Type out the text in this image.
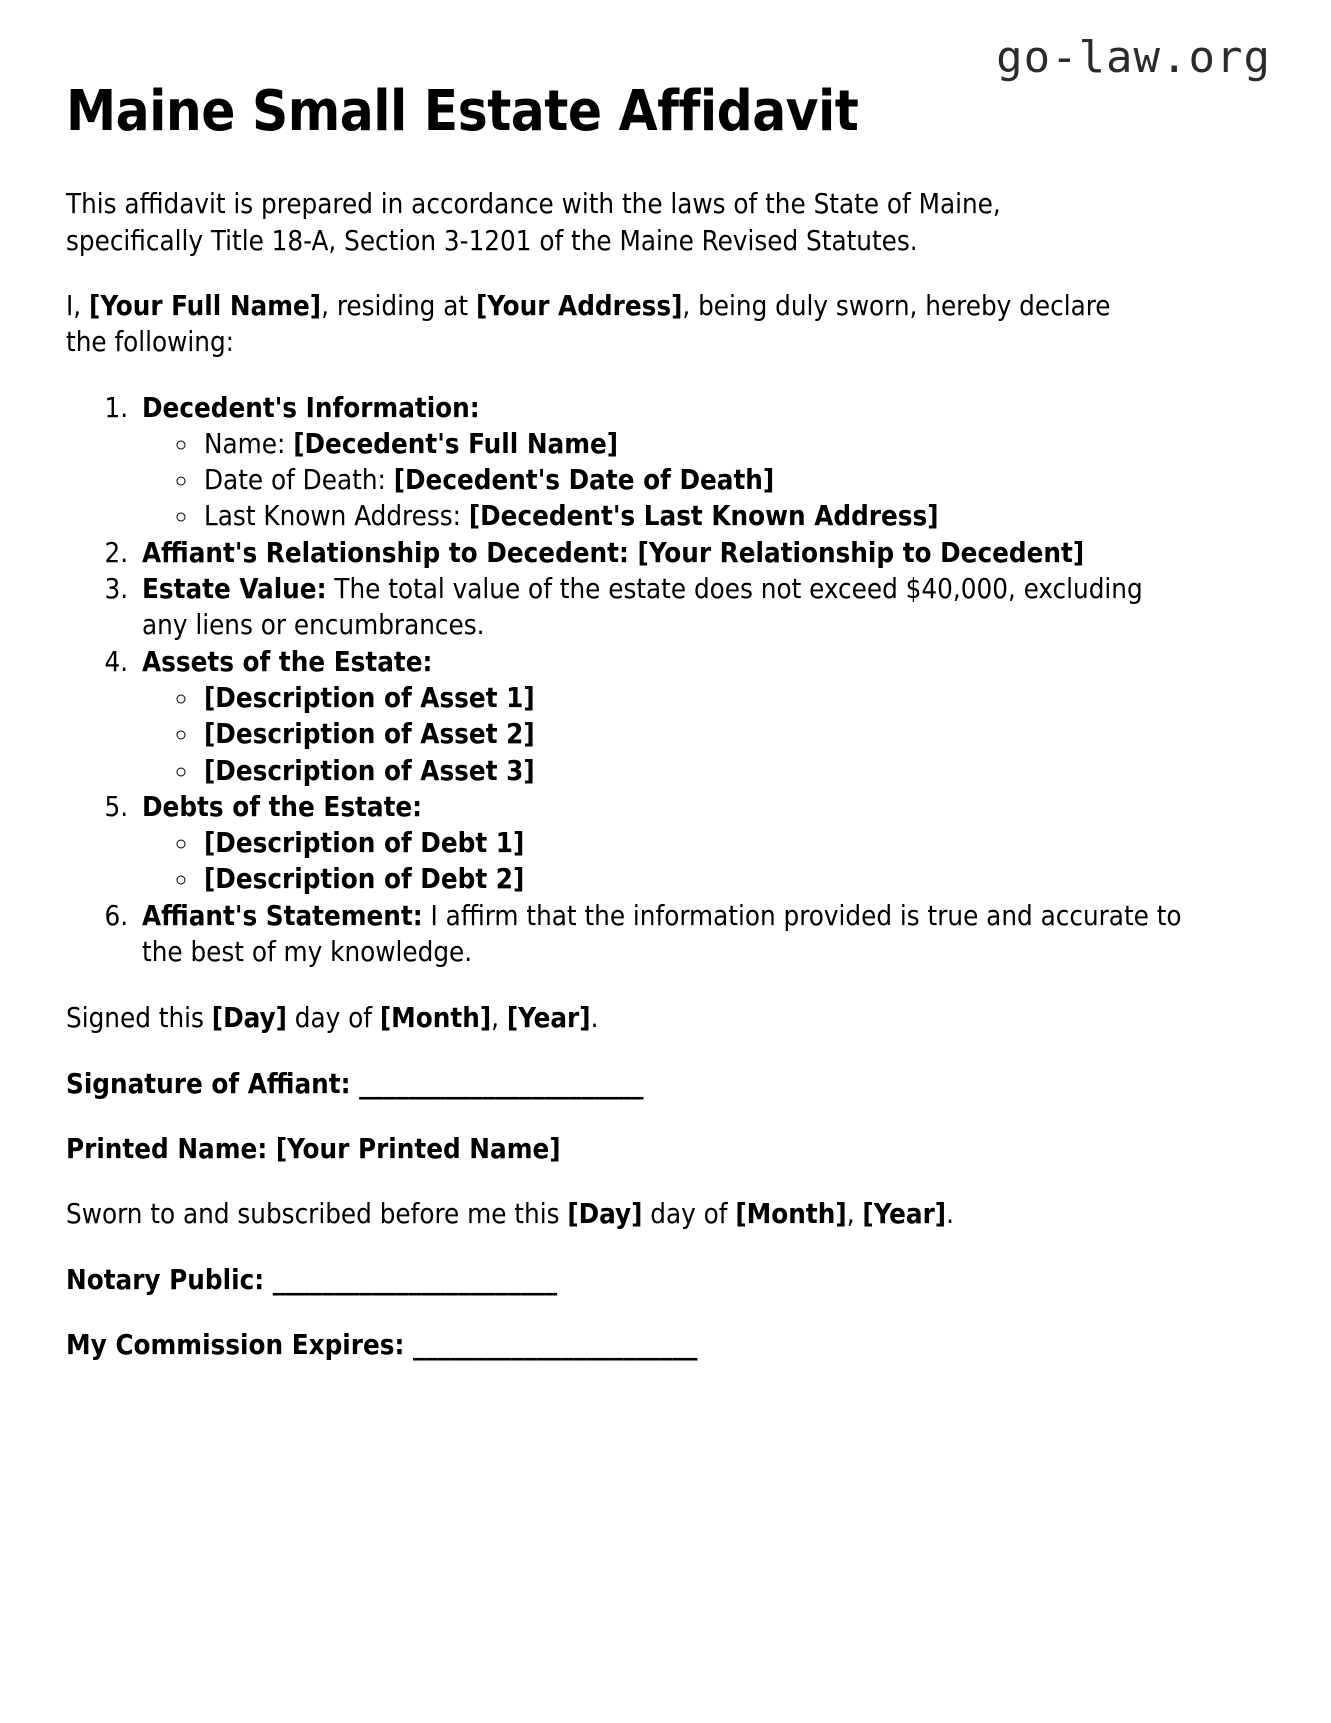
go-law.org
Maine Small Estate Affidavit

This affidavit is prepared in accordance with the laws of the State of Maine, specifically Title 18-A, Section 3-1201 of the Maine Revised Statutes.

I, [Your Full Name], residing at [Your Address], being duly sworn, hereby declare the following:

1. Decedent's Information:
◦ Name: [Decedent's Full Name]
◦ Date of Death: [Decedent's Date of Death]
◦ Last Known Address: [Decedent's Last Known Address]
2. Affiant's Relationship to Decedent: [Your Relationship to Decedent]
3. Estate Value: The total value of the estate does not exceed $40,000, excluding any liens or encumbrances.
4. Assets of the Estate:
◦ [Description of Asset 1]
◦ [Description of Asset 2]
◦ [Description of Asset 3]
5. Debts of the Estate:
◦ [Description of Debt 1]
◦ [Description of Debt 2]
6. Affiant's Statement: I affirm that the information provided is true and accurate to the best of my knowledge.

Signed this [Day] day of [Month], [Year].

Signature of Affiant: _______________________

Printed Name: [Your Printed Name]

Sworn to and subscribed before me this [Day] day of [Month], [Year].

Notary Public: _______________________

My Commission Expires: _______________________
